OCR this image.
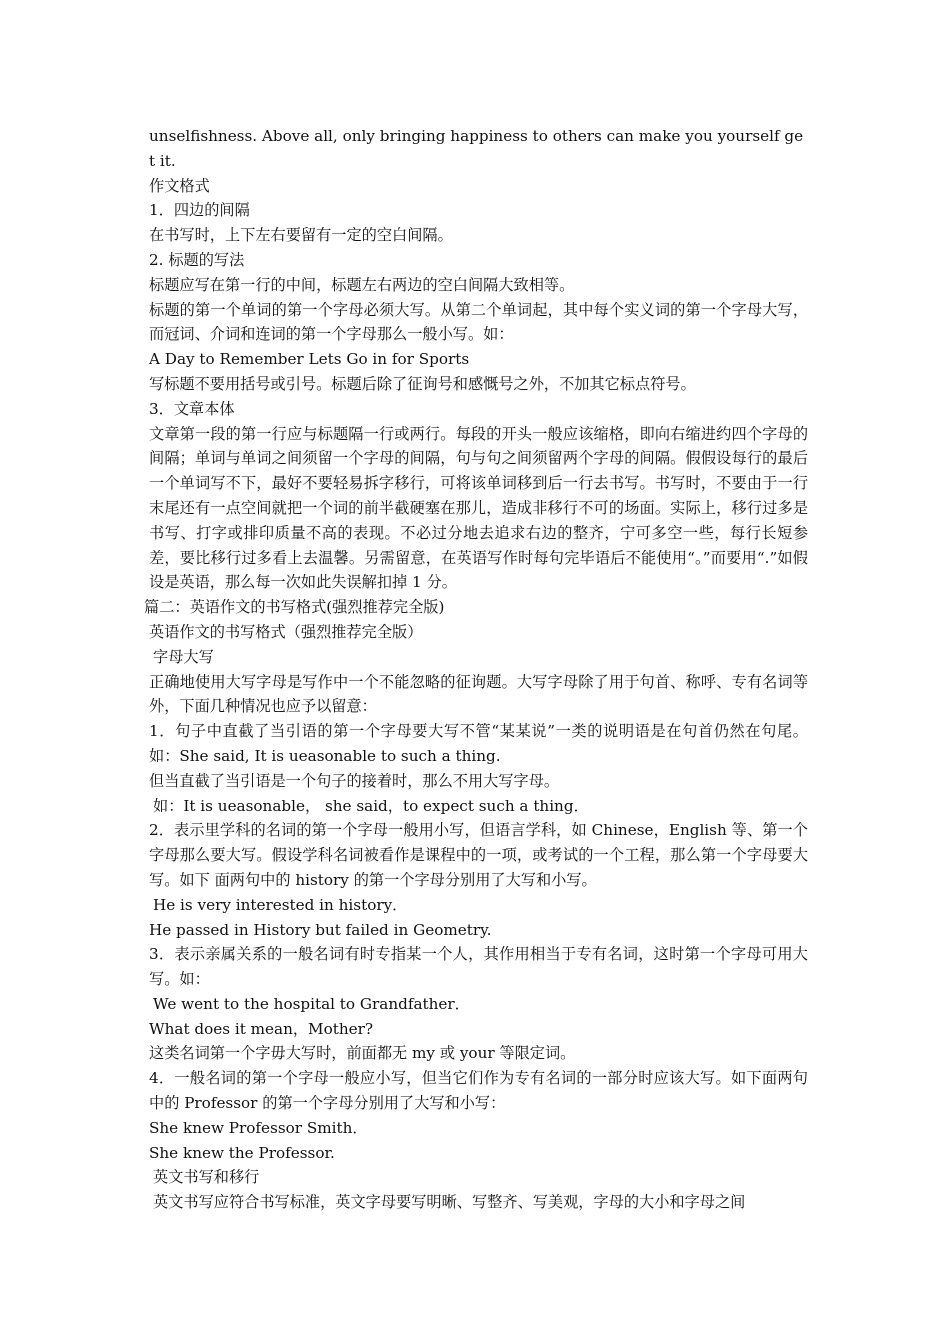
unselfishness. Above all, only bringing happiness to others can make you yourself get it.

作文格式

1．四边的间隔

在书写时，上下左右要留有一定的空白间隔。

2. 标题的写法

标题应写在第一行的中间，标题左右两边的空白间隔大致相等。

标题的第一个单词的第一个字母必须大写。从第二个单词起，其中每个实义词的第一个字母大写，而冠词、介词和连词的第一个字母那么一般小写。如：

A Day to Remember Lets Go in for Sports

写标题不要用括号或引号。标题后除了征询号和感慨号之外，不加其它标点符号。

3．文章本体

文章第一段的第一行应与标题隔一行或两行。每段的开头一般应该缩格，即向右缩进约四个字母的间隔；单词与单词之间须留一个字母的间隔，句与句之间须留两个字母的间隔。假假设每行的最后一个单词写不下，最好不要轻易拆字移行，可将该单词移到后一行去书写。书写时，不要由于一行末尾还有一点空间就把一个词的前半截硬塞在那儿，造成非移行不可的场面。实际上，移行过多是书写、打字或排印质量不高的表现。不必过分地去追求右边的整齐，宁可多空一些，每行长短参差，要比移行过多看上去温馨。另需留意，在英语写作时每句完毕语后不能使用“。”而要用“.”如假设是英语，那么每一次如此失误解扣掉 1 分。

篇二：英语作文的书写格式(强烈推荐完全版)

英语作文的书写格式（强烈推荐完全版）

字母大写

正确地使用大写字母是写作中一个不能忽略的征询题。大写字母除了用于句首、称呼、专有名词等外，下面几种情况也应予以留意：

1．句子中直截了当引语的第一个字母要大写不管“某某说”一类的说明语是在句首仍然在句尾。如：She said, It is ueasonable to such a thing.

但当直截了当引语是一个句子的接着时，那么不用大写字母。

如：It is ueasonable， she said，to expect such a thing．

2．表示里学科的名词的第一个字母一般用小写，但语言学科，如 Chinese，English 等、第一个字母那么要大写。假设学科名词被看作是课程中的一项，或考试的一个工程，那么第一个字母要大写。如下 面两句中的 history 的第一个字母分别用了大写和小写。

He is very interested in history．

He passed in History but failed in Geometry.

3．表示亲属关系的一般名词有时专指某一个人，其作用相当于专有名词，这时第一个字母可用大写。如：

We went to the hospital to Grandfather．

What does it mean，Mother?

这类名词第一个字毋大写时，前面都无 my 或 your 等限定词。

4．一般名词的第一个字母一般应小写，但当它们作为专有名词的一部分时应该大写。如下面两句中的 Professor 的第一个字母分别用了大写和小写：

She knew Professor Smith．

She knew the Professor.

英文书写和移行

英文书写应符合书写标准，英文字母要写明晰、写整齐、写美观，字母的大小和字母之间
